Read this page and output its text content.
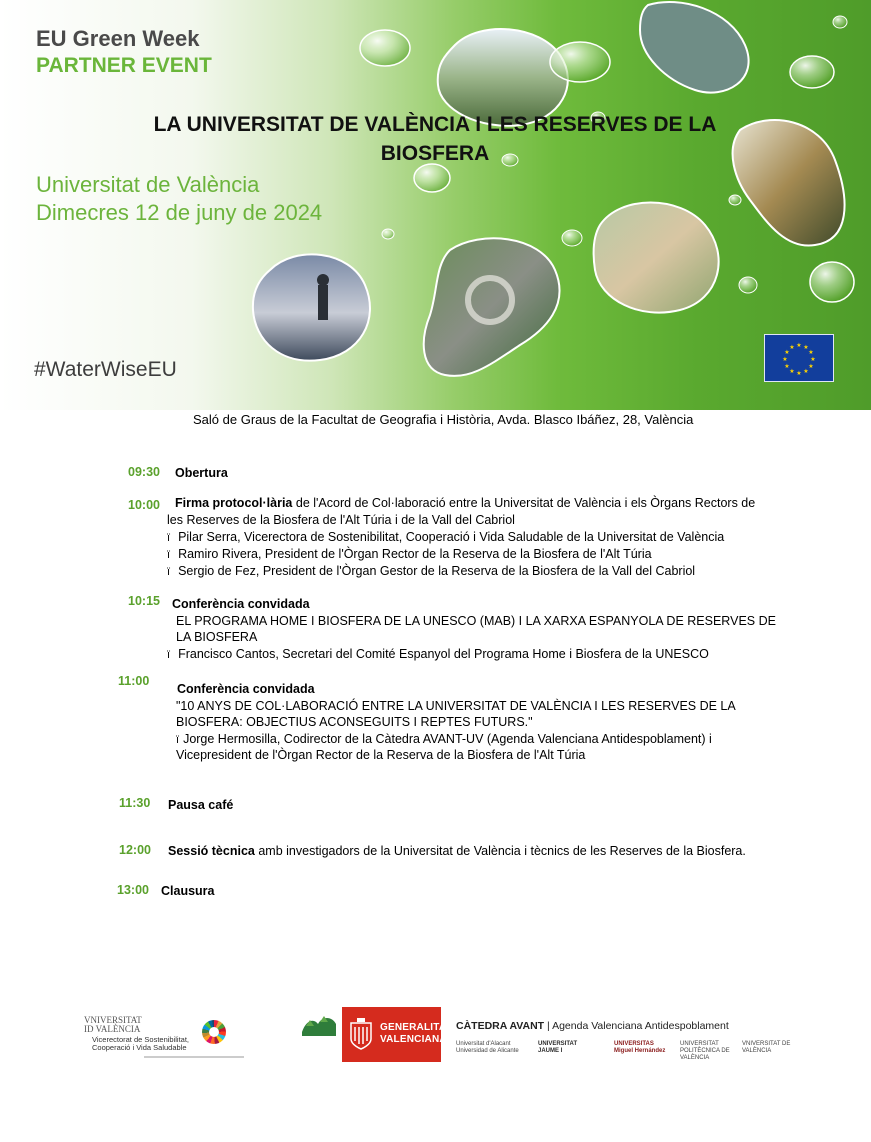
EU Green Week
PARTNER EVENT
LA UNIVERSITAT DE VALÈNCIA I LES RESERVES DE LA
BIOSFERA
Universitat de València
Dimecres 12 de juny de 2024
#WaterWiseEU
★ ★
★
★
★
★
★
★
★
★
★
★
Saló de Graus de la Facultat de Geografia i Història, Avda. Blasco Ibáñez, 28, València
09:30 Obertura
10:00 Firma protocol·lària de l'Acord de Col·laboració entre la Universitat de València i els Òrgans Rectors de
les Reserves de la Biosfera de l'Alt Túria i de la Vall del Cabriol
ï Pilar Serra, Vicerectora de Sostenibilitat, Cooperació i Vida Saludable de la Universitat de València
ï Ramiro Rivera, President de l'Òrgan Rector de la Reserva de la Biosfera de l'Alt Túria
ï Sergio de Fez, President de l'Òrgan Gestor de la Reserva de la Biosfera de la Vall del Cabriol
10:15 Conferència convidada
EL PROGRAMA HOME I BIOSFERA DE LA UNESCO (MAB) I LA XARXA ESPANYOLA DE RESERVES DE
LA BIOSFERA
ï Francisco Cantos, Secretari del Comité Espanyol del Programa Home i Biosfera de la UNESCO
11:00
Conferència convidada
"10 ANYS DE COL·LABORACIÓ ENTRE LA UNIVERSITAT DE VALÈNCIA I LES RESERVES DE LA
BIOSFERA: OBJECTIUS ACONSEGUITS I REPTES FUTURS."
ï Jorge Hermosilla, Codirector de la Càtedra AVANT-UV (Agenda Valenciana Antidespoblament) i
Vicepresident de l'Òrgan Rector de la Reserva de la Biosfera de l'Alt Túria
11:30 Pausa café
12:00 Sessió tècnica amb investigadors de la Universitat de València i tècnics de les Reserves de la Biosfera.
13:00 Clausura
VNIVERSITAT
ID VALÈNCIA
Vicerectorat de Sostenibilitat,
Cooperació i Vida Saludable
GENERALITAT
VALENCIANA
CÀTEDRA AVANT | Agenda Valenciana Antidespoblament
Universitat d'Alacant Universidad de Alicante
UNIVERSITAT JAUME I
UNIVERSITAS Miguel Hernández
UNIVERSITAT POLITÈCNICA DE VALÈNCIA
VNIVERSITAT DE VALÈNCIA
